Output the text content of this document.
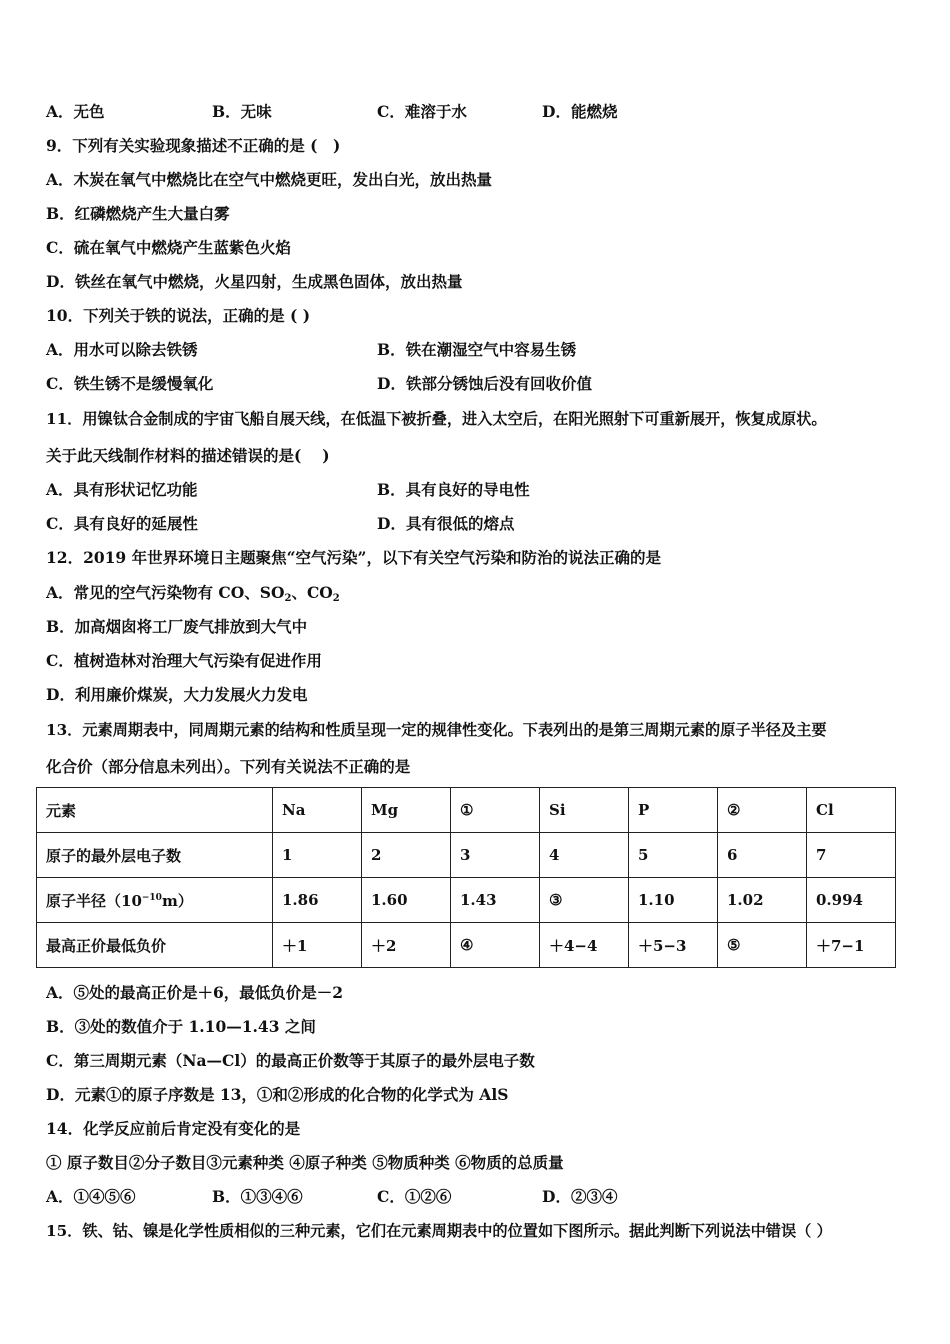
A．无色	B．无味	C．难溶于水	D．能燃烧
9．下列有关实验现象描述不正确的是 (　)
A．木炭在氧气中燃烧比在空气中燃烧更旺，发出白光，放出热量
B．红磷燃烧产生大量白雾
C．硫在氧气中燃烧产生蓝紫色火焰
D．铁丝在氧气中燃烧，火星四射，生成黑色固体，放出热量
10．下列关于铁的说法，正确的是 ( )
A．用水可以除去铁锈	B．铁在潮湿空气中容易生锈
C．铁生锈不是缓慢氧化	D．铁部分锈蚀后没有回收价值
11．用镍钛合金制成的宇宙飞船自展天线，在低温下被折叠，进入太空后，在阳光照射下可重新展开，恢复成原状。
关于此天线制作材料的描述错误的是(　 )
A．具有形状记忆功能	B．具有良好的导电性
C．具有良好的延展性	D．具有很低的熔点
12．2019 年世界环境日主题聚焦“空气污染”，以下有关空气污染和防治的说法正确的是
A．常见的空气污染物有 CO、$SO_2$、$CO_2$
B．加高烟囱将工厂废气排放到大气中
C．植树造林对治理大气污染有促进作用
D．利用廉价煤炭，大力发展火力发电
13．元素周期表中，同周期元素的结构和性质呈现一定的规律性变化。下表列出的是第三周期元素的原子半径及主要
化合价（部分信息未列出）。下列有关说法不正确的是
元素	Na	Mg	①	Si	P	②	Cl
原子的最外层电子数	1	2	3	4	5	6	7
原子半径$(10^{-10}m)$	1.86	1.60	1.43	③	1.10	1.02	0.994
最高正价最低负价	＋1	＋2	④	＋4−4	＋5−3	⑤	＋7−1
A．⑤处的最高正价是＋6，最低负价是－2
B．③处的数值介于 1.10—1.43 之间
C．第三周期元素（Na—Cl）的最高正价数等于其原子的最外层电子数
D．元素①的原子序数是 13，①和②形成的化合物的化学式为 AlS
14．化学反应前后肯定没有变化的是
① 原子数目②分子数目③元素种类 ④原子种类 ⑤物质种类 ⑥物质的总质量
A．①④⑤⑥	B．①③④⑥	C．①②⑥	D．②③④
15．铁、钴、镍是化学性质相似的三种元素，它们在元素周期表中的位置如下图所示。据此判断下列说法中错误（ ）
